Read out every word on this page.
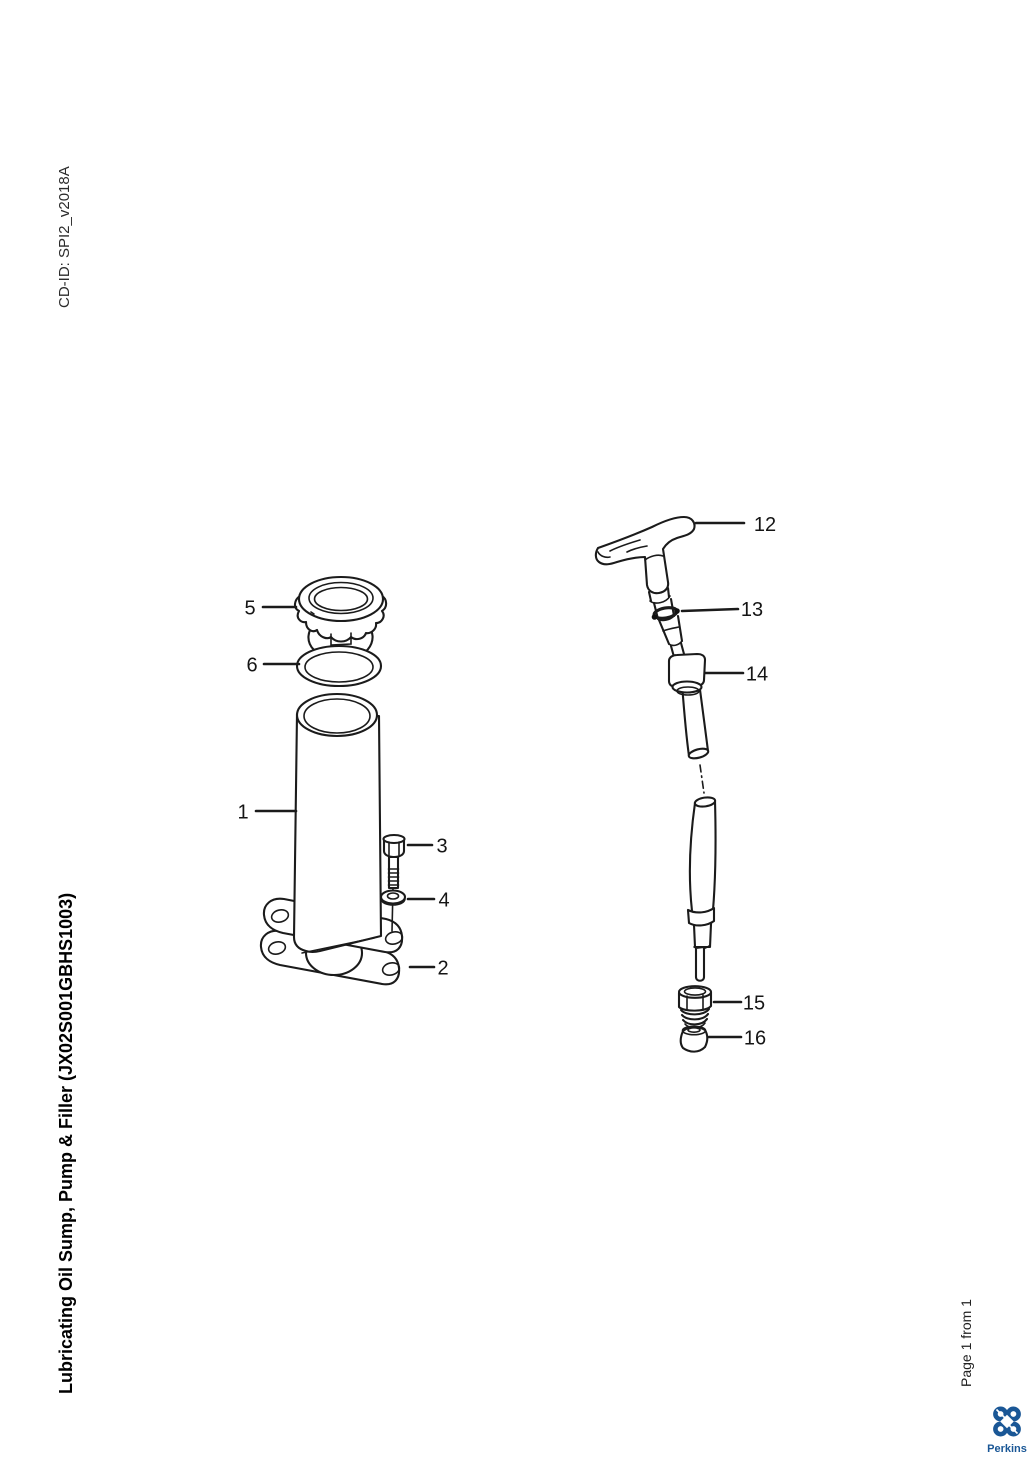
CD-ID: SPI2_v2018A
Lubricating Oil Sump, Pump & Filler (JX02S001GBHS1003)	Page 1 from 1
5
6
1
3
4
2
12
13
14
15
16
Perkins
